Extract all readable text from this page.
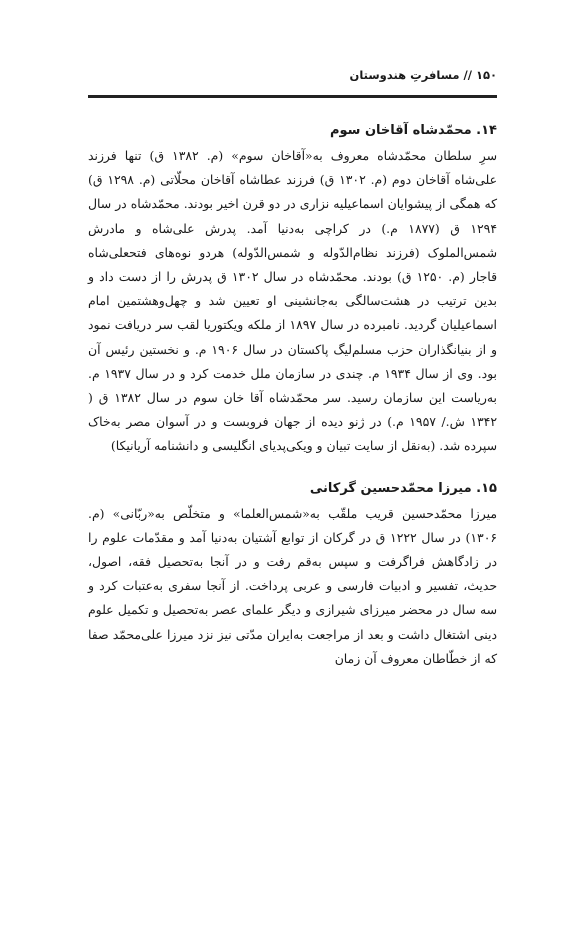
۱۵۰ // مسافرتِ هندوستان
۱۴. محمّدشاه آقاخان سوم

سرِ سلطان محمّدشاه معروف به«آقاخان سوم» (م. ۱۳۸۲ ق) تنها فرزند علی‌شاه آقاخان دوم (م. ۱۳۰۲ ق) فرزند عطاشاه آقاخان محلّاتی (م. ۱۲۹۸ ق) که همگی از پیشوایان اسماعیلیه نزاری در دو قرن اخیر بودند. محمّدشاه در سال ۱۲۹۴ ق (۱۸۷۷ م.) در کراچی به‌دنیا آمد. پدرش علی‌شاه و مادرش شمس‌الملوک (فرزند نظام‌الدّوله و شمس‌الدّوله) هردو نوه‌های فتحعلی‌شاه قاجار (م. ۱۲۵۰ ق) بودند. محمّدشاه در سال ۱۳۰۲ ق پدرش را از دست داد و بدین ترتیب در هشت‌سالگی به‌جانشینی او تعیین شد و چهل‌وهشتمین امام اسماعیلیان گردید. نامبرده در سال ۱۸۹۷ از ملکه ویکتوریا لقب سر دریافت نمود و از بنیانگذاران حزب مسلم‌لیگ پاکستان در سال ۱۹۰۶ م. و نخستین رئیس آن بود. وی از سال ۱۹۳۴ م. چندی در سازمان ملل خدمت کرد و در سال ۱۹۳۷ م. به‌ریاست این سازمان رسید. سر محمّدشاه آقا خان سوم در سال ۱۳۸۲ ق ( ۱۳۴۲ ش./ ۱۹۵۷ م.) در ژنو دیده از جهان فروبست و در آسوان مصر به‌خاک سپرده شد. (به‌نقل از سایت تبیان و ویکی‌پدیای انگلیسی و دانشنامه آریانیکا)

۱۵. میرزا محمّدحسین گرکانی

میرزا محمّدحسین قریب ملقّب به«شمس‌العلما» و متخلّص به«ربّانی» (م. ۱۳۰۶) در سال ۱۲۲۲ ق در گرکان از توابع آشتیان به‌دنیا آمد و مقدّمات علوم را در زادگاهش فراگرفت و سپس به‌قم رفت و در آنجا به‌تحصیل فقه، اصول، حدیث، تفسیر و ادبیات فارسی و عربی پرداخت. از آنجا سفری به‌عتبات کرد و سه سال در محضر میرزای شیرازی و دیگر علمای عصر به‌تحصیل و تکمیل علوم دینی اشتغال داشت و بعد از مراجعت به‌ایران مدّتی نیز نزد میرزا علی‌محمّد صفا که از خطّاطان معروف آن زمان
